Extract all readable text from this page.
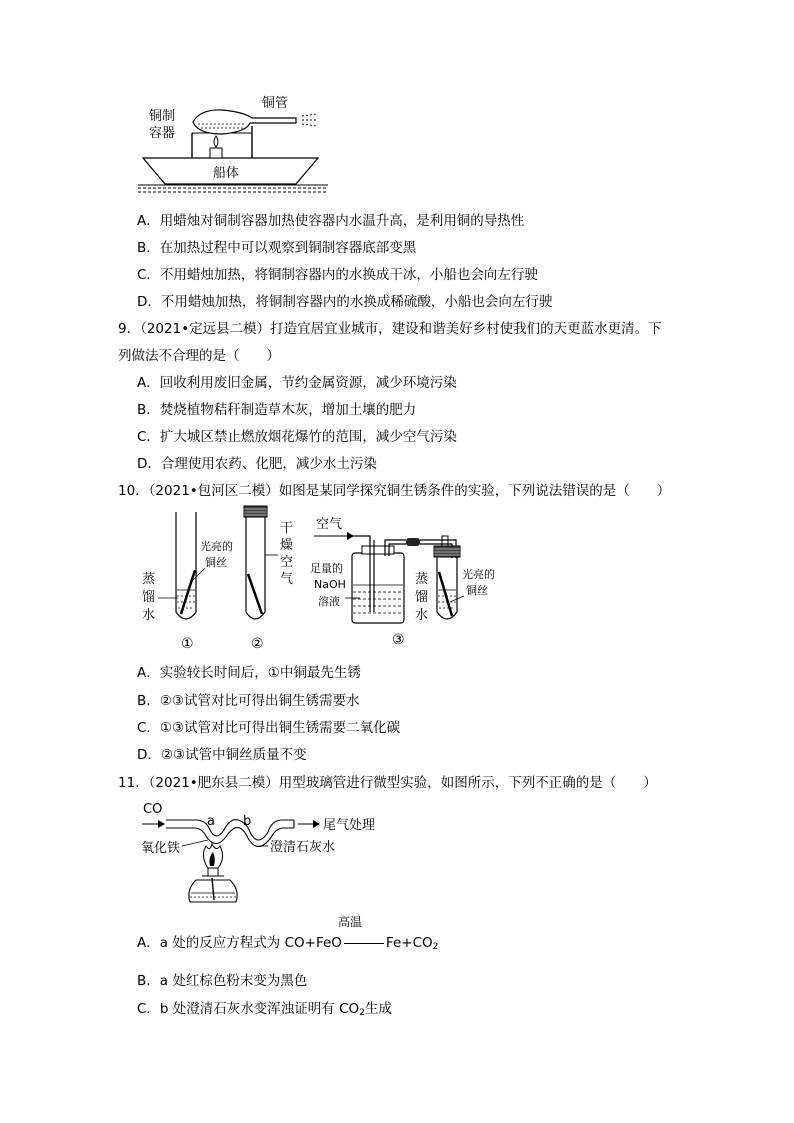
铜制
容器
铜管
船体
A．用蜡烛对铜制容器加热使容器内水温升高，是利用铜的导热性
B．在加热过程中可以观察到铜制容器底部变黑
C．不用蜡烛加热，将铜制容器内的水换成干冰，小船也会向左行驶
D．不用蜡烛加热，将铜制容器内的水换成稀硫酸，小船也会向左行驶
9．（2021•定远县二模）打造宜居宜业城市，建设和谐美好乡村使我们的天更蓝水更清。下
列做法不合理的是（　　）
A．回收利用废旧金属，节约金属资源，减少环境污染
B．焚烧植物秸秆制造草木灰，增加土壤的肥力
C．扩大城区禁止燃放烟花爆竹的范围，减少空气污染
D．合理使用农药、化肥，减少水土污染
10．（2021•包河区二模）如图是某同学探究铜生锈条件的实验，下列说法错误的是（　　）
蒸
馏
水
光亮的
铜丝
干
燥
空
气
空气
足量的
NaOH
溶液
蒸
馏
水
光亮的
铜丝
①	②	③
A．实验较长时间后，①中铜最先生锈
B．②③试管对比可得出铜生锈需要水
C．①③试管对比可得出铜生锈需要二氧化碳
D．②③试管中铜丝质量不变
11．（2021•肥东县二模）用型玻璃管进行微型实验，如图所示，下列不正确的是（　　）
CO
a b	尾气处理
氧化铁	澄清石灰水
高温
A．a 处的反应方程式为 CO+FeO	$Fe+CO_2$
B．a 处红棕色粉末变为黑色
C．b 处澄清石灰水变浑浊证明有 $CO_2$生成
